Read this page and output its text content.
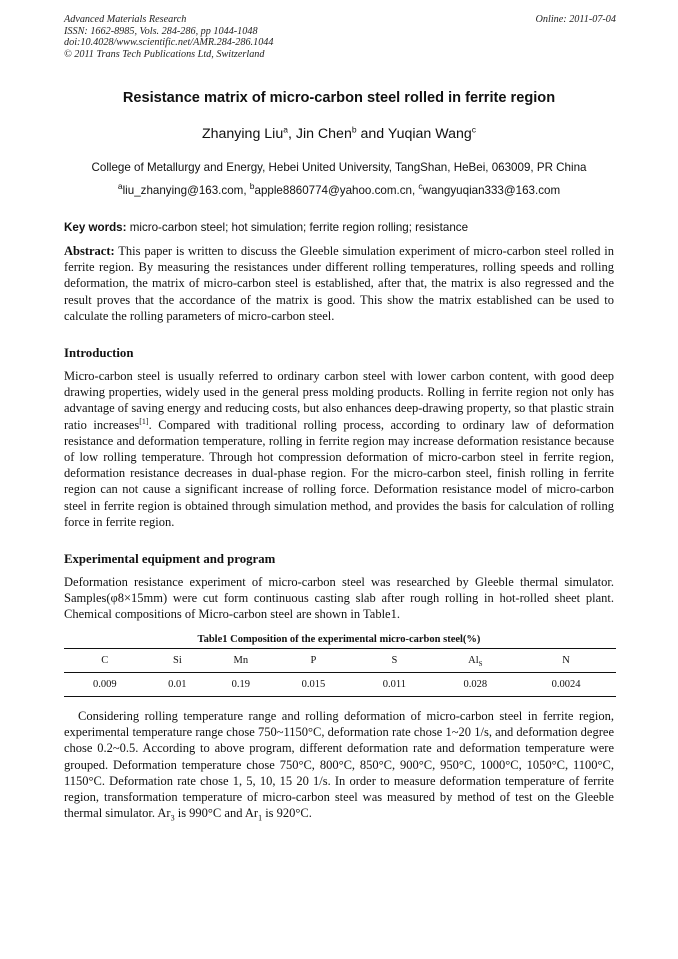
Advanced Materials Research
ISSN: 1662-8985, Vols. 284-286, pp 1044-1048
doi:10.4028/www.scientific.net/AMR.284-286.1044
© 2011 Trans Tech Publications Ltd, Switzerland
Online: 2011-07-04
Resistance matrix of micro-carbon steel rolled in ferrite region
Zhanying Liu$^a$, Jin Chen$^b$ and Yuqian Wang$^c$
College of Metallurgy and Energy, Hebei United University, TangShan, HeBei, 063009, PR China
$^a$liu_zhanying@163.com, $^b$apple8860774@yahoo.com.cn, $^c$wangyuqian333@163.com
Key words: micro-carbon steel; hot simulation; ferrite region rolling; resistance
Abstract: This paper is written to discuss the Gleeble simulation experiment of micro-carbon steel rolled in ferrite region. By measuring the resistances under different rolling temperatures, rolling speeds and rolling deformation, the matrix of micro-carbon steel is established, after that, the matrix is also regressed and the result proves that the accordance of the matrix is good. This show the matrix established can be used to calculate the rolling parameters of micro-carbon steel.
Introduction
Micro-carbon steel is usually referred to ordinary carbon steel with lower carbon content, with good deep drawing properties, widely used in the general press molding products. Rolling in ferrite region not only has advantage of saving energy and reducing costs, but also enhances deep-drawing property, so that plastic strain ratio increases[1]. Compared with traditional rolling process, according to ordinary law of deformation resistance and deformation temperature, rolling in ferrite region may increase deformation resistance because of low rolling temperature. Through hot compression deformation of micro-carbon steel in ferrite region, deformation resistance decreases in dual-phase region. For the micro-carbon steel, finish rolling in ferrite region can not cause a significant increase of rolling force. Deformation resistance model of micro-carbon steel in ferrite region is obtained through simulation method, and provides the basis for calculation of rolling force in ferrite region.
Experimental equipment and program
Deformation resistance experiment of micro-carbon steel was researched by Gleeble thermal simulator. Samples(φ8×15mm) were cut form continuous casting slab after rough rolling in hot-rolled sheet plant. Chemical compositions of Micro-carbon steel are shown in Table1.
Table1 Composition of the experimental micro-carbon steel(%)
C	Si	Mn	P	S	$Al_S$	N
0.009	0.01	0.19	0.015	0.011	0.028	0.0024
Considering rolling temperature range and rolling deformation of micro-carbon steel in ferrite region, experimental temperature range chose 750~1150°C, deformation rate chose 1~20 1/s, and deformation degree chose 0.2~0.5. According to above program, different deformation rate and deformation temperature were grouped. Deformation temperature chose 750°C, 800°C, 850°C, 900°C, 950°C, 1000°C, 1050°C, 1100°C, 1150°C. Deformation rate chose 1, 5, 10, 15 20 1/s. In order to measure deformation temperature of ferrite region, transformation temperature of micro-carbon steel was measured by method of test on the Gleeble thermal simulator. $Ar_3$ is 990°C and $Ar_1$ is 920°C.
